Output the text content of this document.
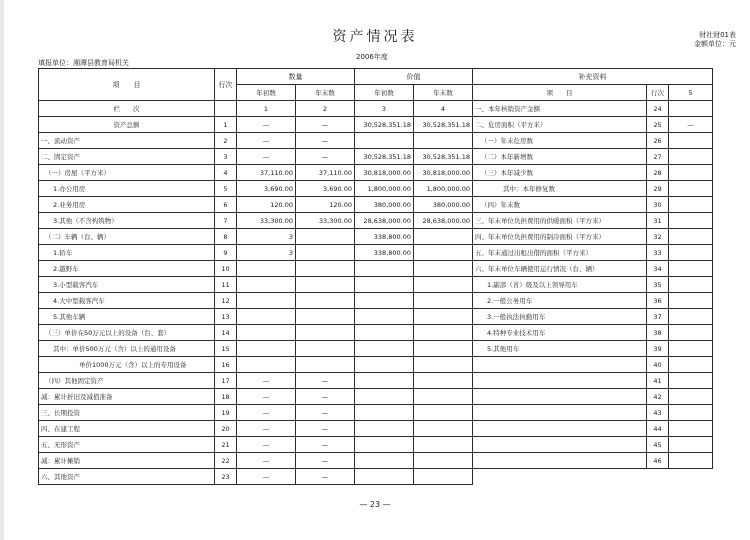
资产情况表	财社财01表
金额单位：元
2006年度
填报单位：湘潭县教育局机关
项　　目	行次	数量		价值	
		年初数	年末数	年初数	年末数
栏　　次		1	2	3	4
资产总额	1	—	—	30,528,351.18	30,528,351.18
一、流动资产	2	—	—		
二、固定资产	3	—	—	30,528,351.18	30,528,351.18
（一）房屋（平方米）	4	37,110.00	37,110.00	30,818,000.00	30,818,000.00
1.办公用房	5	3,690.00	3,690.00	1,800,000.00	1,800,000.00
2.业务用房	6	120.00	120.00	380,000.00	380,000.00
3.其他（不含构筑物）	7	33,300.00	33,300.00	28,638,000.00	28,638,000.00
（二）车辆（台、辆）	8	3		338,800.00	
1.轿车	9	3		338,800.00	
2.越野车	10				
3.小型载客汽车	11				
4.大中型载客汽车	12				
5.其他车辆	13				
（三）单价在50万元以上的设备（台、套）	14				
其中：单价500万元（含）以上的通用设备	15				
单价1000万元（含）以上的专用设备	16				
（四）其他固定资产	17	—	—		
减：累计折旧及减值准备	18	—	—		
三、长期投资	19	—	—		
四、在建工程	20	—	—		
五、无形资产	21	—	—		
减：累计摊销	22	—	—		
六、其他资产	23	—	—		
补充资料		

项　　目	行次	5
一、本年核销资产金额	24	
二、危房面积（平方米）	25	—
（一）年末危房数	26	
（二）本年新增数	27	
（三）本年减少数	28	
其中：本年修复数	29	
（四）年末数	30	
三、年末单位负担费用的供暖面积（平方米）	31	
四、年末单位负担费用的制冷面积（平方米）	32	
五、年末通过出租出借的面积（平方米）	33	
六、年末单位车辆使用运行情况（台、辆）	34	
1.副部（省）级及以上领导用车	35	
2.一般公务用车	36	
3.一般执法执勤用车	37	
4.特种专业技术用车	38	
5.其他用车	39	
	40	
	41	
	42	
	43	
	44	
	45	
	46	
— 23 —
